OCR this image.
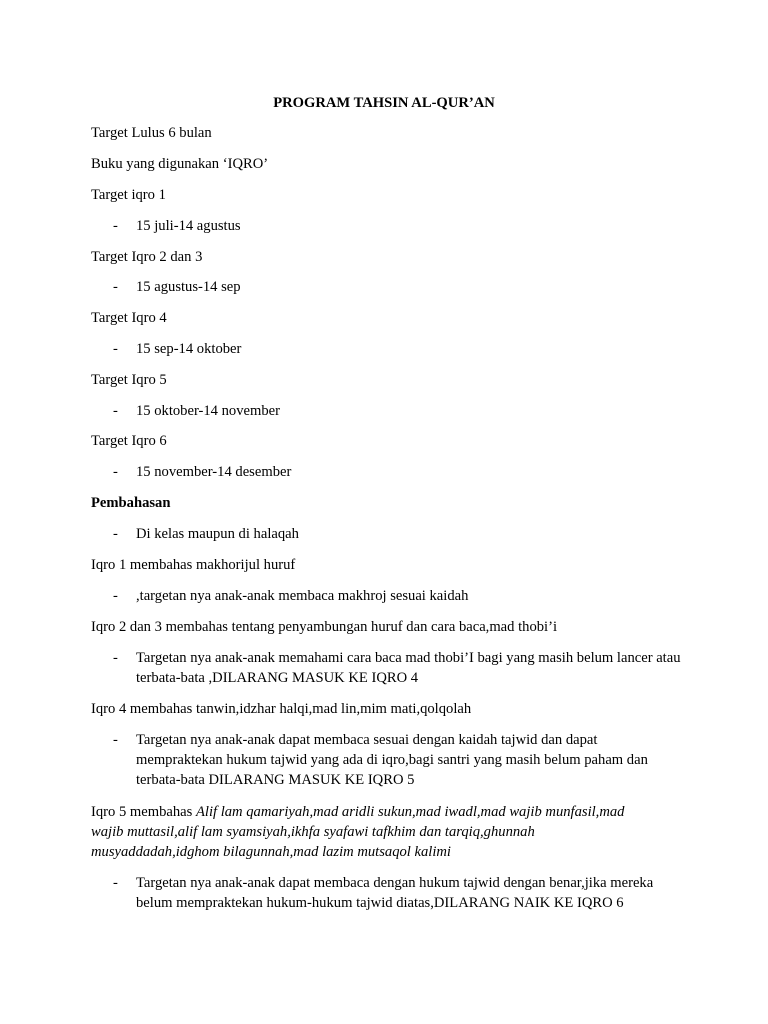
PROGRAM TAHSIN AL-QUR’AN
Target Lulus 6 bulan
Buku yang digunakan ‘IQRO’
Target iqro 1
- 15 juli-14 agustus
Target Iqro 2 dan 3
- 15 agustus-14 sep
Target Iqro 4
- 15 sep-14 oktober
Target Iqro 5
- 15 oktober-14 november
Target Iqro 6
- 15 november-14 desember
Pembahasan
- Di kelas maupun di halaqah
Iqro 1 membahas makhorijul huruf
- ,targetan nya anak-anak membaca makhroj sesuai kaidah
Iqro 2 dan 3 membahas tentang penyambungan huruf dan cara baca,mad thobi’i
- Targetan nya anak-anak memahami cara baca mad thobi’I bagi yang masih belum lancer atau terbata-bata ,DILARANG MASUK KE IQRO 4
Iqro 4 membahas tanwin,idzhar halqi,mad lin,mim mati,qolqolah
- Targetan nya anak-anak dapat membaca sesuai dengan kaidah tajwid dan dapat mempraktekan hukum tajwid yang ada di iqro,bagi santri yang masih belum paham dan terbata-bata DILARANG MASUK KE IQRO 5
Iqro 5 membahas Alif lam qamariyah,mad aridli sukun,mad iwadl,mad wajib munfasil,mad wajib muttasil,alif lam syamsiyah,ikhfa syafawi tafkhim dan tarqiq,ghunnah musyaddadah,idghom bilagunnah,mad lazim mutsaqol kalimi
- Targetan nya anak-anak dapat membaca dengan hukum tajwid dengan benar,jika mereka belum mempraktekan hukum-hukum tajwid diatas,DILARANG NAIK KE IQRO 6
